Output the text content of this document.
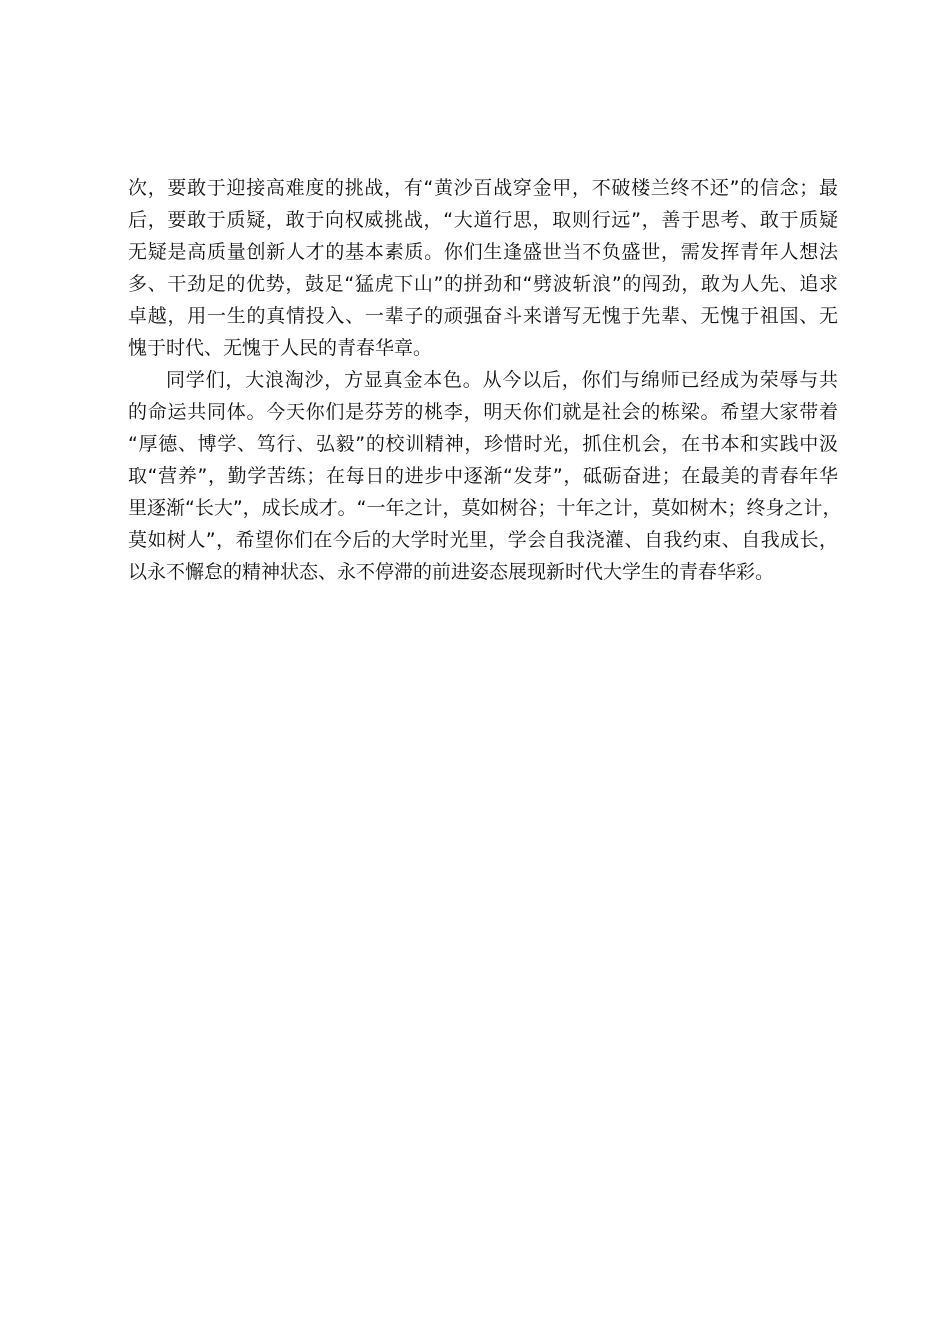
次，要敢于迎接高难度的挑战，有“黄沙百战穿金甲，不破楼兰终不还”的信念；最
后，要敢于质疑，敢于向权威挑战，“大道行思，取则行远”，善于思考、敢于质疑
无疑是高质量创新人才的基本素质。你们生逢盛世当不负盛世，需发挥青年人想法
多、干劲足的优势，鼓足“猛虎下山”的拼劲和“劈波斩浪”的闯劲，敢为人先、追求
卓越，用一生的真情投入、一辈子的顽强奋斗来谱写无愧于先辈、无愧于祖国、无
愧于时代、无愧于人民的青春华章。
同学们，大浪淘沙，方显真金本色。从今以后，你们与绵师已经成为荣辱与共
的命运共同体。今天你们是芬芳的桃李，明天你们就是社会的栋梁。希望大家带着
“厚德、博学、笃行、弘毅”的校训精神，珍惜时光，抓住机会，在书本和实践中汲
取“营养”，勤学苦练；在每日的进步中逐渐“发芽”，砥砺奋进；在最美的青春年华
里逐渐“长大”，成长成才。“一年之计，莫如树谷；十年之计，莫如树木；终身之计，
莫如树人”，希望你们在今后的大学时光里，学会自我浇灌、自我约束、自我成长，
以永不懈怠的精神状态、永不停滞的前进姿态展现新时代大学生的青春华彩。
